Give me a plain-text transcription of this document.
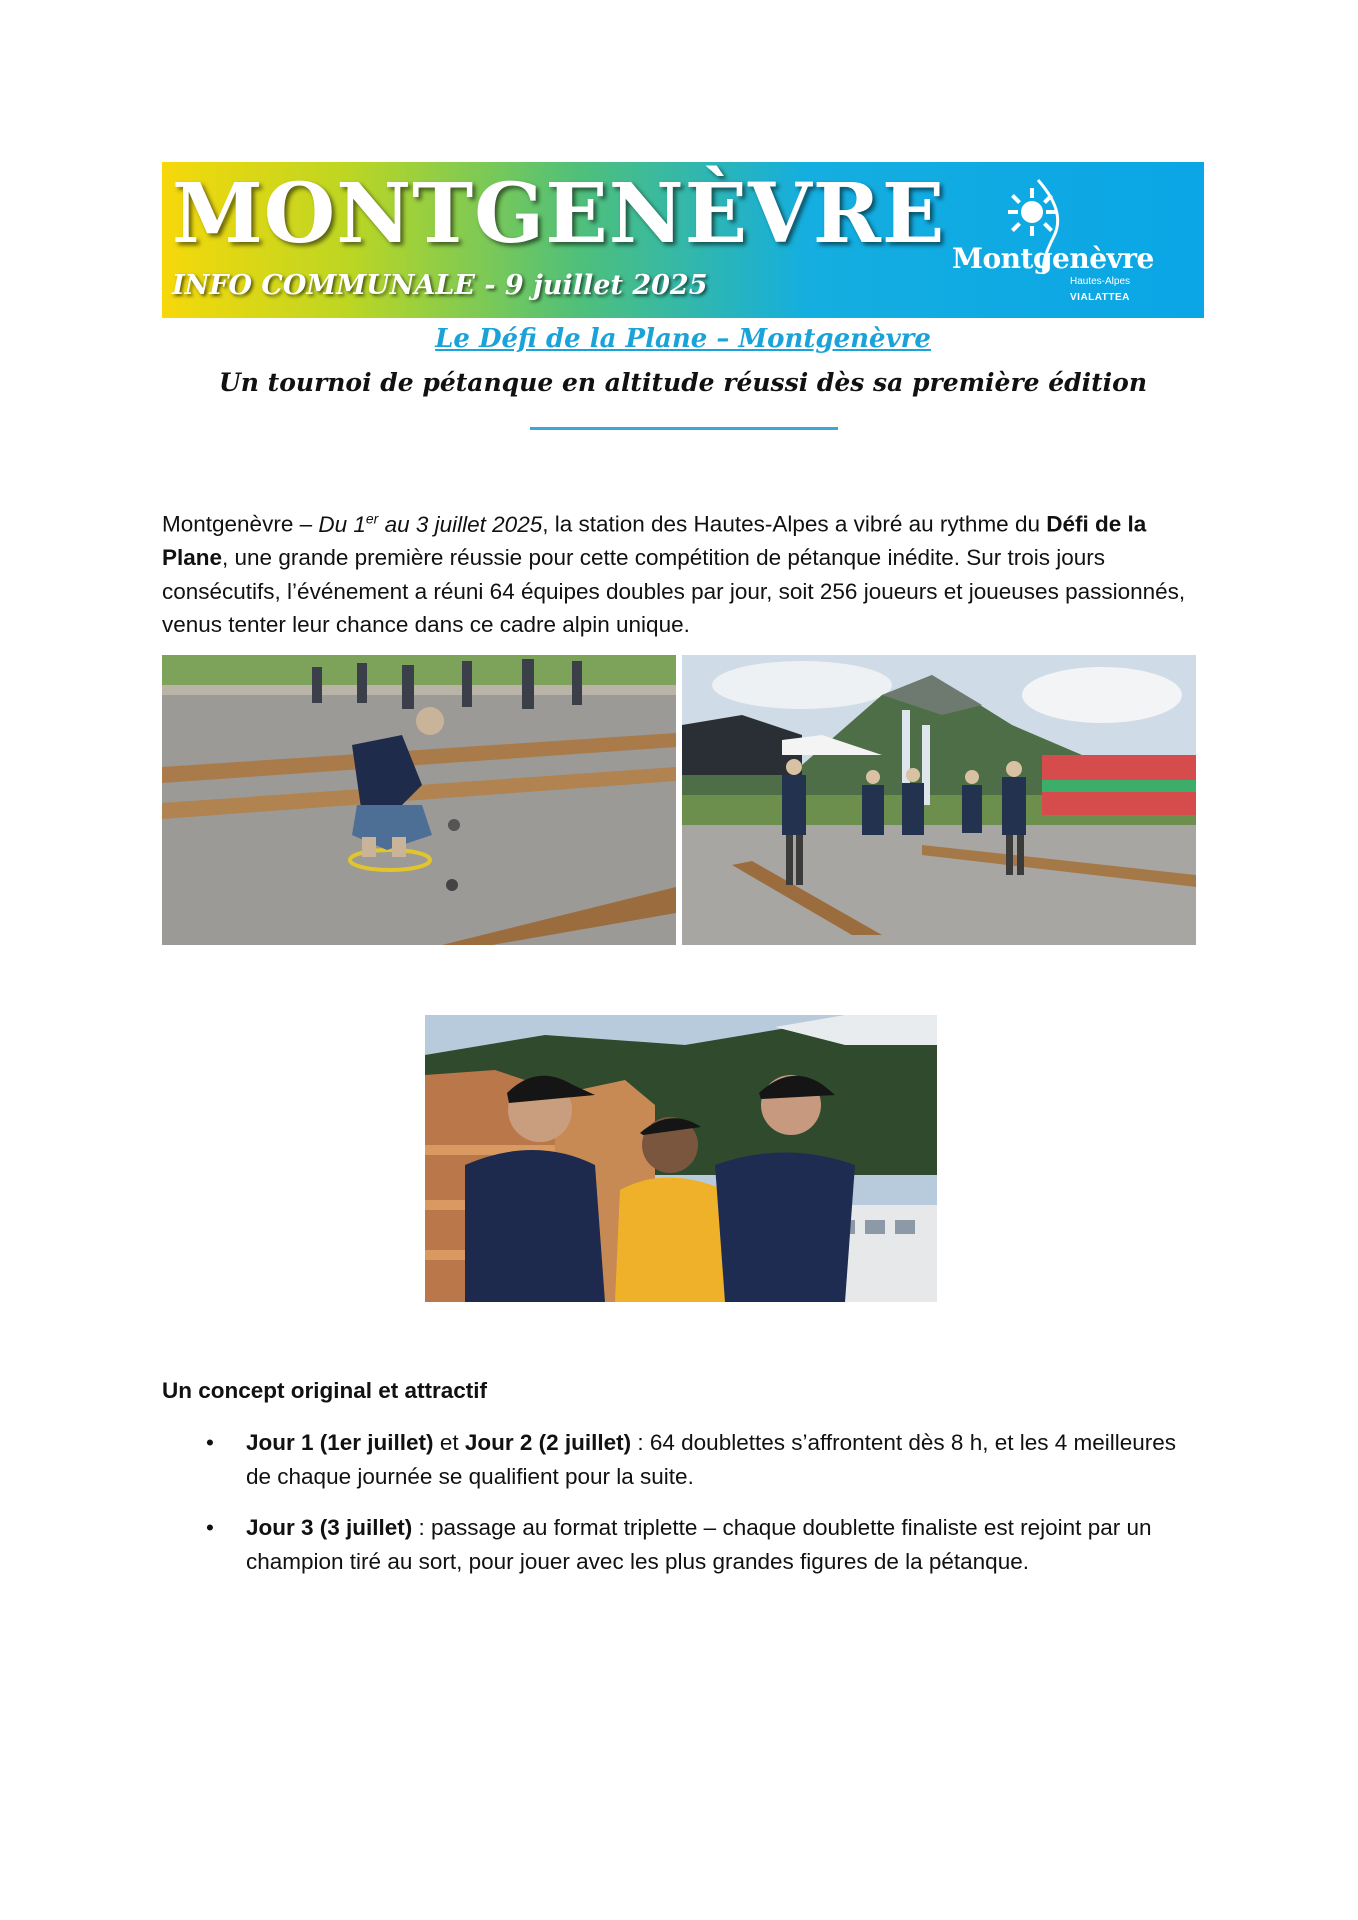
MONTGENÈVRE
INFO COMMUNALE - 9 juillet 2025
Montgenèvre
Hautes-Alpes
VIALATTEA
Le Défi de la Plane – Montgenèvre
Un tournoi de pétanque en altitude réussi dès sa première édition
Montgenèvre – Du 1er au 3 juillet 2025, la station des Hautes-Alpes a vibré au rythme du Défi de la Plane, une grande première réussie pour cette compétition de pétanque inédite. Sur trois jours consécutifs, l’événement a réuni 64 équipes doubles par jour, soit 256 joueurs et joueuses passionnés, venus tenter leur chance dans ce cadre alpin unique.
Un concept original et attractif
• Jour 1 (1er juillet) et Jour 2 (2 juillet) : 64 doublettes s’affrontent dès 8 h, et les 4 meilleures de chaque journée se qualifient pour la suite.
• Jour 3 (3 juillet) : passage au format triplette – chaque doublette finaliste est rejoint par un champion tiré au sort, pour jouer avec les plus grandes figures de la pétanque.
